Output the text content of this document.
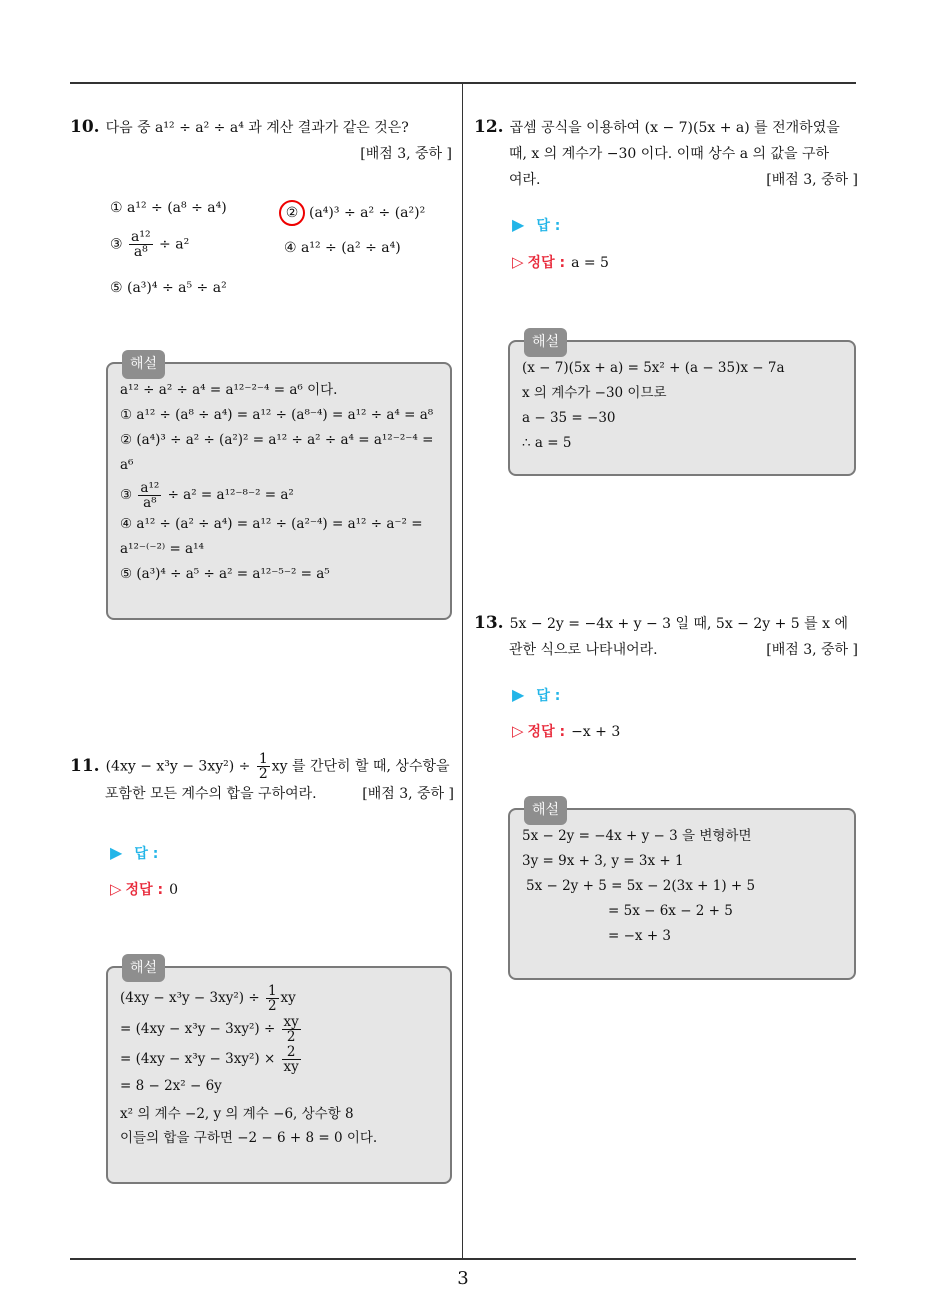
10. 다음 중 a¹² ÷ a² ÷ a⁴ 과 계산 결과가 같은 것은?
[배점 3, 중하 ]
① a¹² ÷ (a⁸ ÷ a⁴)	② (a⁴)³ ÷ a² ÷ (a²)²
③ $\frac{\text{a¹²}}{\text{a⁸}} \div a^2$	④ a¹² ÷ (a² ÷ a⁴)
⑤ (a³)⁴ ÷ a⁵ ÷ a²
해설
a¹² ÷ a² ÷ a⁴ = a¹²⁻²⁻⁴ = a⁶ 이다.
① a¹² ÷ (a⁸ ÷ a⁴) = a¹² ÷ (a⁸⁻⁴) = a¹² ÷ a⁴ = a⁸
② (a⁴)³ ÷ a² ÷ (a²)² = a¹² ÷ a² ÷ a⁴ = a¹²⁻²⁻⁴ =
a⁶
③ $\frac{\text{a¹²}}{\text{a⁸}} \div a^2 = a^{12-8-2} = a^2$
④ a¹² ÷ (a² ÷ a⁴) = a¹² ÷ (a²⁻⁴) = a¹² ÷ a⁻² =
a¹²⁻⁽⁻²⁾ = a¹⁴
⑤ (a³)⁴ ÷ a⁵ ÷ a² = a¹²⁻⁵⁻² = a⁵
11. $(4xy - x^3y - 3xy^2) \div \frac{1}{2}$ xy 를 간단히 할 때, 상수항을
포함한 모든 계수의 합을 구하여라.	[배점 3, 중하 ]
▶ 답 :
▷ 정답 : 0
해설
$(4xy - x^3y - 3xy^2) \div \frac{1}{2}$ xy
= $(4xy - x^3y - 3xy^2) \div \frac{xy}{2}$
= $(4xy - x^3y - 3xy^2) \times \frac{2}{xy}$
= 8 − 2x² − 6y
x² 의 계수 −2, y 의 계수 −6, 상수항 8
이들의 합을 구하면 −2 − 6 + 8 = 0 이다.
12. 곱셈 공식을 이용하여 (x − 7)(5x + a) 를 전개하였을
때, x 의 계수가 −30 이다. 이때 상수 a 의 값을 구하
여라.	[배점 3, 중하 ]
▶ 답 :
▷ 정답 : a = 5
해설
(x − 7)(5x + a) = 5x² + (a − 35)x − 7a
x 의 계수가 −30 이므로
a − 35 = −30
∴ a = 5
13. 5x − 2y = −4x + y − 3 일 때, 5x − 2y + 5 를 x 에
관한 식으로 나타내어라.	[배점 3, 중하 ]
▶ 답 :
▷ 정답 : −x + 3
해설
5x − 2y = −4x + y − 3 을 변형하면
3y = 9x + 3, y = 3x + 1
5x − 2y + 5 = 5x − 2(3x + 1) + 5
= 5x − 6x − 2 + 5
= −x + 3
3
